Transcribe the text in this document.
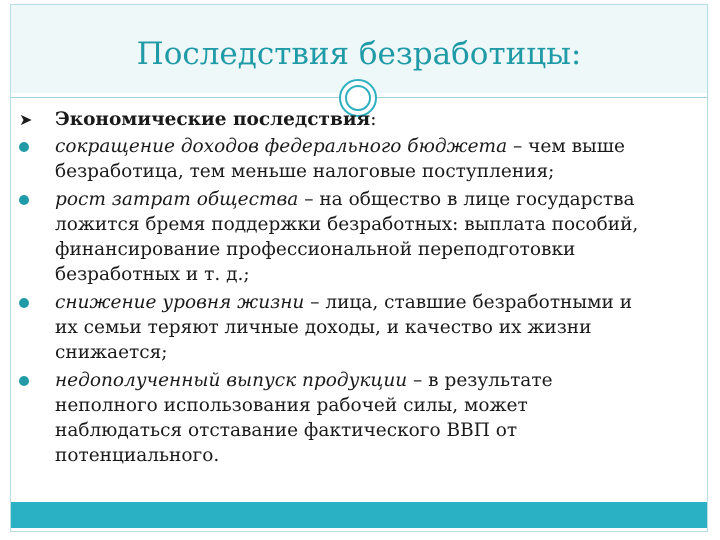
Последствия безработицы:
➤ Экономические последствия:
сокращение доходов федерального бюджета – чем выше
безработица, тем меньше налоговые поступления;
рост затрат общества – на общество в лице государства
ложится бремя поддержки безработных: выплата пособий,
финансирование профессиональной переподготовки
безработных и т. д.;
снижение уровня жизни – лица, ставшие безработными и
их семьи теряют личные доходы, и качество их жизни
снижается;
недополученный выпуск продукции – в результате
неполного использования рабочей силы, может
наблюдаться отставание фактического ВВП от
потенциального.
